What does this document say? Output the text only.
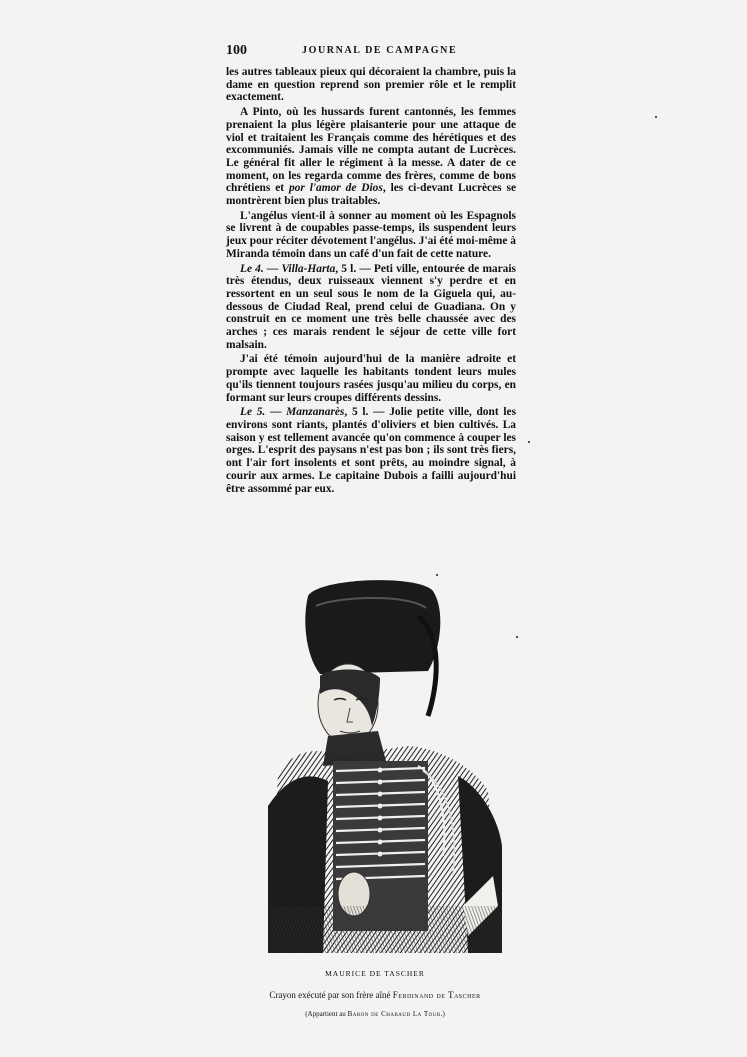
100	JOURNAL DE CAMPAGNE

les autres tableaux pieux qui décoraient la chambre, puis la dame en question reprend son premier rôle et le remplit exactement.

A Pinto, où les hussards furent cantonnés, les femmes prenaient la plus légère plaisanterie pour une attaque de viol et traitaient les Français comme des hérétiques et des excommuniés. Jamais ville ne compta autant de Lucrèces. Le général fit aller le régiment à la messe. A dater de ce moment, on les regarda comme des frères, comme de bons chrétiens et por l'amor de Dios, les ci-devant Lucrèces se montrèrent bien plus traitables.

L'angélus vient-il à sonner au moment où les Espagnols se livrent à de coupables passe-temps, ils suspendent leurs jeux pour réciter dévotement l'angélus. J'ai été moi-même à Miranda témoin dans un café d'un fait de cette nature.

Le 4. — Villa-Harta, 5 l. — Peti ville, entourée de marais très étendus, deux ruisseaux viennent s'y perdre et en ressortent en un seul sous le nom de la Giguela qui, au-dessous de Ciudad Real, prend celui de Guadiana. On y construit en ce moment une très belle chaussée avec des arches ; ces marais rendent le séjour de cette ville fort malsain.

J'ai été témoin aujourd'hui de la manière adroite et prompte avec laquelle les habitants tondent leurs mules qu'ils tiennent toujours rasées jusqu'au milieu du corps, en formant sur leurs croupes différents dessins.

Le 5. — Manzanarès, 5 l. — Jolie petite ville, dont les environs sont riants, plantés d'oliviers et bien cultivés. La saison y est tellement avancée qu'on commence à couper les orges. L'esprit des paysans n'est pas bon ; ils sont très fiers, ont l'air fort insolents et sont prêts, au moindre signal, à courir aux armes. Le capitaine Dubois a failli aujourd'hui être assommé par eux.

MAURICE DE TASCHER
Crayon exécuté par son frère aîné Ferdinand de Tascher
(Appartient au Baron de Chabaud La Tour.)
